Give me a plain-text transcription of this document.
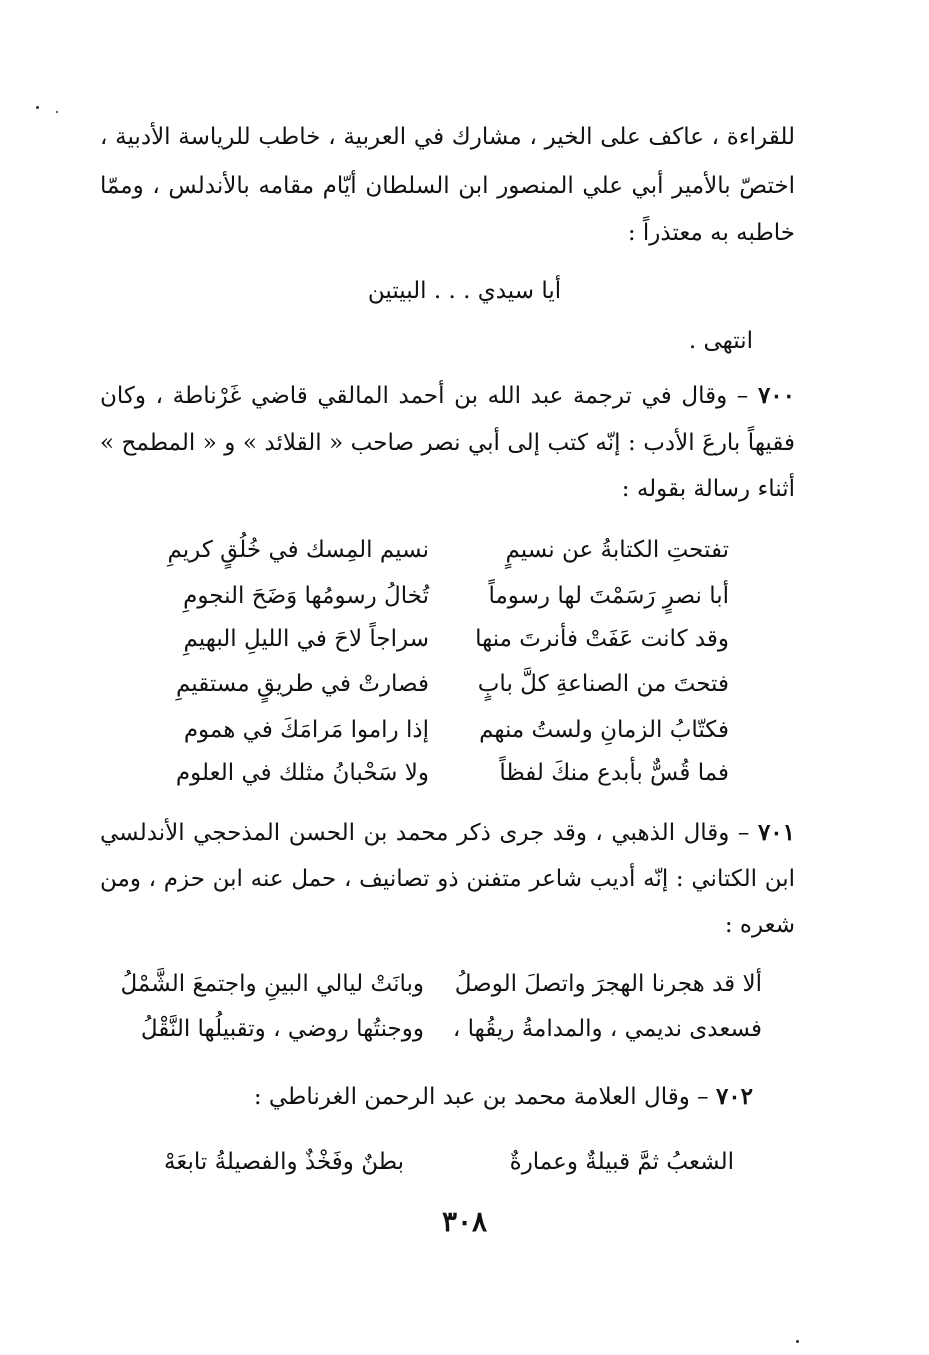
للقراءة ، عاكف على الخير ، مشارك في العربية ، خاطب للرياسة الأدبية ،
اختصّ بالأمير أبي علي المنصور ابن السلطان أيّام مقامه بالأندلس ، وممّا
خاطبه به معتذراً :
أيا سيدي . . . البيتين
انتهى .
٧٠٠ – وقال في ترجمة عبد الله بن أحمد المالقي قاضي غَرْناطة ، وكان
فقيهاً بارعَ الأدب : إنّه كتب إلى أبي نصر صاحب « القلائد » و « المطمح »
أثناء رسالة بقوله :
تفتحتِ الكتابةُ عن نسيمٍ
نسيم المِسك في خُلُقٍ كريمِ
أبا نصرٍ رَسَمْتَ لها رسوماً
تُخالُ رسومُها وَضَحَ النجومِ
وقد كانت عَفَتْ فأنرتَ منها
سراجاً لاحَ في الليلِ البهيمِ
فتحتَ من الصناعةِ كلَّ بابٍ
فصارتْ في طريقٍ مستقيمِ
فكتّابُ الزمانِ ولستُ منهم
إذا راموا مَرامَكَ في هموم
فما قُسٌّ بأبدع منكَ لفظاً
ولا سَحْبانُ مثلك في العلوم
٧٠١ – وقال الذهبي ، وقد جرى ذكر محمد بن الحسن المذحجي الأندلسي
ابن الكتاني : إنّه أديب شاعر متفنن ذو تصانيف ، حمل عنه ابن حزم ، ومن
شعره :
ألا قد هجرنا الهجرَ واتصلَ الوصلُ
وبانَتْ ليالي البينِ واجتمعَ الشَّمْلُ
فسعدى نديمي ، والمدامةُ ريقُها ،
ووجنتُها روضي ، وتقبيلُها النَّقْلُ
٧٠٢ – وقال العلامة محمد بن عبد الرحمن الغرناطي :
الشعبُ ثمَّ قبيلةٌ وعمارةٌ
بطنٌ وفَخْذٌ والفصيلةُ تابعَهْ
٣٠٨
